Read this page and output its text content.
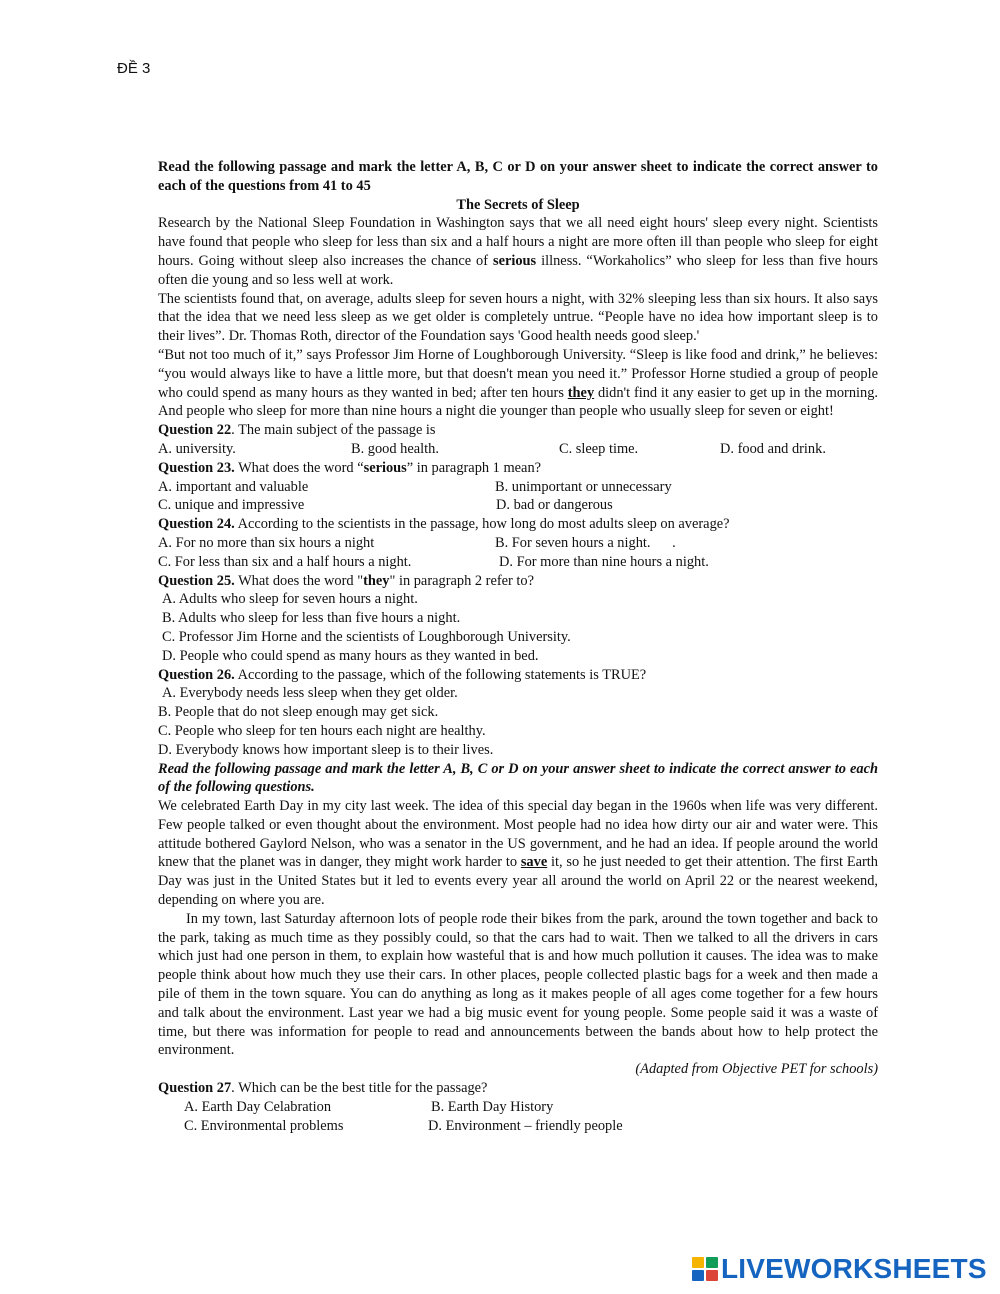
ĐỀ 3

Read the following passage and mark the letter A, B, C or D on your answer sheet to indicate the correct answer to each of the questions from 41 to 45

The Secrets of Sleep

Research by the National Sleep Foundation in Washington says that we all need eight hours' sleep every night. Scientists have found that people who sleep for less than six and a half hours a night are more often ill than people who sleep for eight hours. Going without sleep also increases the chance of serious illness. “Workaholics” who sleep for less than five hours often die young and so less well at work.

The scientists found that, on average, adults sleep for seven hours a night, with 32% sleeping less than six hours. It also says that the idea that we need less sleep as we get older is completely untrue. “People have no idea how important sleep is to their lives”. Dr. Thomas Roth, director of the Foundation says 'Good health needs good sleep.'

“But not too much of it,” says Professor Jim Horne of Loughborough University. “Sleep is like food and drink,” he believes: “you would always like to have a little more, but that doesn't mean you need it.” Professor Horne studied a group of people who could spend as many hours as they wanted in bed; after ten hours they didn't find it any easier to get up in the morning. And people who sleep for more than nine hours a night die younger than people who usually sleep for seven or eight!

Question 22. The main subject of the passage is

A. university.	B. good health.	C. sleep time.	D. food and drink.

Question 23. What does the word “serious” in paragraph 1 mean?

A. important and valuable	B. unimportant or unnecessary
C. unique and impressive	D. bad or dangerous

Question 24. According to the scientists in the passage, how long do most adults sleep on average?

A. For no more than six hours a night	B. For seven hours a night.      .
C. For less than six and a half hours a night.	D. For more than nine hours a night.

Question 25. What does the word "they" in paragraph 2 refer to?

A. Adults who sleep for seven hours a night.

B. Adults who sleep for less than five hours a night.

C. Professor Jim Horne and the scientists of Loughborough University.

D. People who could spend as many hours as they wanted in bed.

Question 26. According to the passage, which of the following statements is TRUE?

A. Everybody needs less sleep when they get older.

B. People that do not sleep enough may get sick.

C. People who sleep for ten hours each night are healthy.

D. Everybody knows how important sleep is to their lives.

Read the following passage and mark the letter A, B, C or D on your answer sheet to indicate the correct answer to each of the following questions.

We celebrated Earth Day in my city last week. The idea of this special day began in the 1960s when life was very different. Few people talked or even thought about the environment. Most people had no idea how dirty our air and water were. This attitude bothered Gaylord Nelson, who was a senator in the US government, and he had an idea. If people around the world knew that the planet was in danger, they might work harder to save it, so he just needed to get their attention. The first Earth Day was just in the United States but it led to events every year all around the world on April 22 or the nearest weekend, depending on where you are.

In my town, last Saturday afternoon lots of people rode their bikes from the park, around the town together and back to the park, taking as much time as they possibly could, so that the cars had to wait. Then we talked to all the drivers in cars which just had one person in them, to explain how wasteful that is and how much pollution it causes. The idea was to make people think about how much they use their cars. In other places, people collected plastic bags for a week and then made a pile of them in the town square. You can do anything as long as it makes people of all ages come together for a few hours and talk about the environment. Last year we had a big music event for young people. Some people said it was a waste of time, but there was information for people to read and announcements between the bands about how to help protect the environment.

(Adapted from Objective PET for schools)

Question 27. Which can be the best title for the passage?

A. Earth Day Celabration	B. Earth Day History
C. Environmental problems	D. Environment – friendly people
LIVEWORKSHEETS
